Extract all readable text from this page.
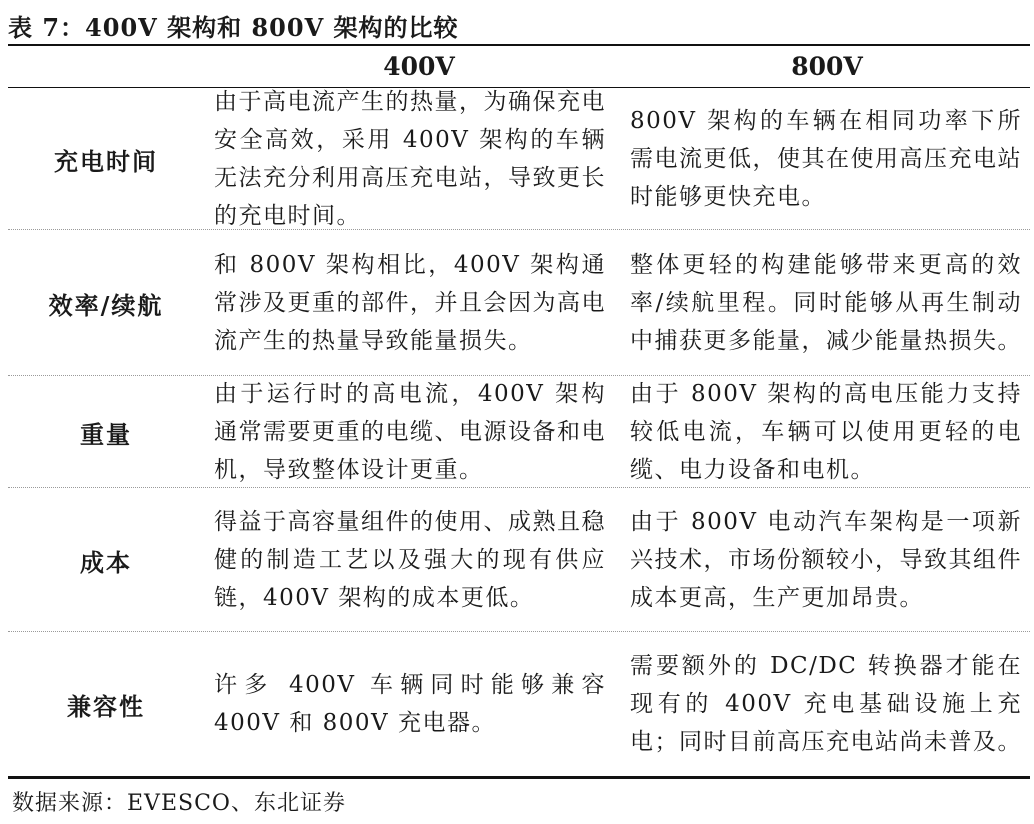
表 7：400V 架构和 800V 架构的比较
400V	800V
充电时间
由于高电流产生的热量，为确保充电安全高效，采用 400V 架构的车辆无法充分利用高压充电站，导致更长的充电时间。
800V 架构的车辆在相同功率下所需电流更低，使其在使用高压充电站时能够更快充电。
效率/续航
和 800V 架构相比，400V 架构通常涉及更重的部件，并且会因为高电流产生的热量导致能量损失。
整体更轻的构建能够带来更高的效率/续航里程。同时能够从再生制动中捕获更多能量，减少能量热损失。
重量
由于运行时的高电流，400V 架构通常需要更重的电缆、电源设备和电机，导致整体设计更重。
由于 800V 架构的高电压能力支持较低电流，车辆可以使用更轻的电缆、电力设备和电机。
成本
得益于高容量组件的使用、成熟且稳健的制造工艺以及强大的现有供应链，400V 架构的成本更低。
由于 800V 电动汽车架构是一项新兴技术，市场份额较小，导致其组件成本更高，生产更加昂贵。
兼容性
许多 400V 车辆同时能够兼容 400V 和 800V 充电器。
需要额外的 DC/DC 转换器才能在现有的 400V 充电基础设施上充电；同时目前高压充电站尚未普及。
数据来源：EVESCO、东北证券
